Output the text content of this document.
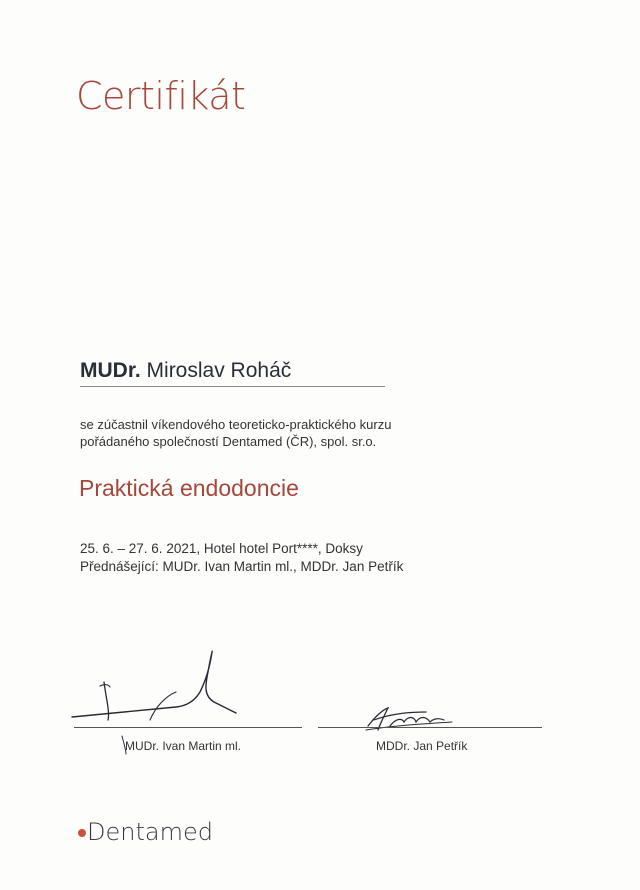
Certifikát
MUDr. Miroslav Roháč
se zúčastnil víkendového teoreticko-praktického kurzu
pořádaného společností Dentamed (ČR), spol. sr.o.
Praktická endodoncie
25. 6. – 27. 6. 2021, Hotel hotel Port****, Doksy
Přednášející: MUDr. Ivan Martin ml., MDDr. Jan Petřík
MUDr. Ivan Martin ml.	MDDr. Jan Petřík
Dentamed
